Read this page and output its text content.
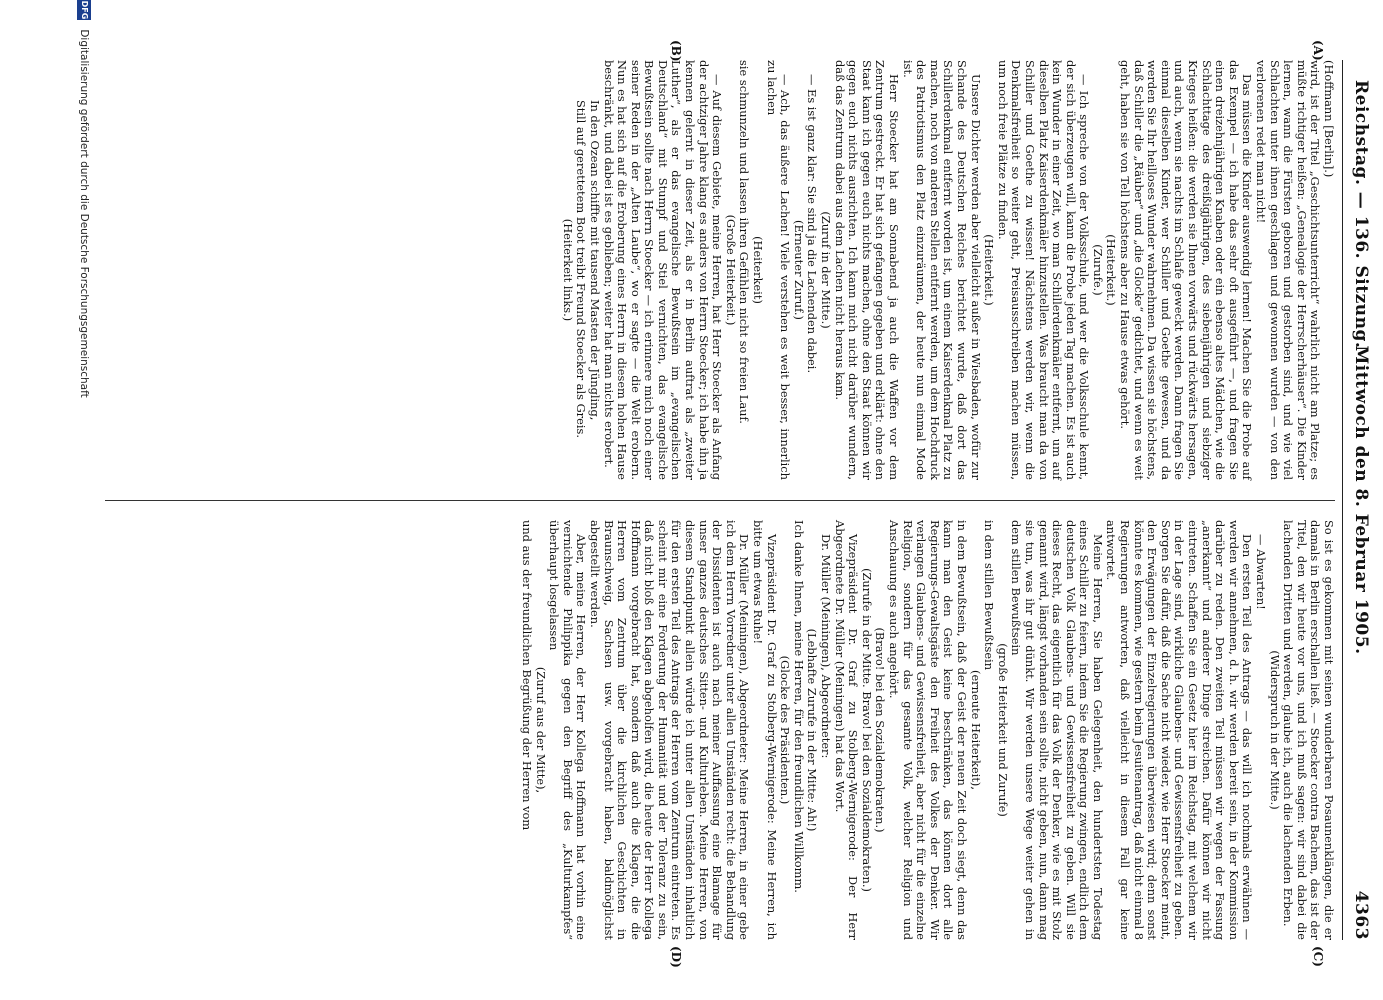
Reichstag. — 136. Sitzung.
Mittwoch den 8. Februar 1905.
4363
(A)
(B)
(C)
(D)

(Hoffmann [Berlin].)

wird, ist der Titel „Geschichtsunterricht“ wahrlich nicht am Platze; es müßte richtiger heißen: „Genealogie der Herrscherhäuser“. Die Kinder lernen, wann die Fürsten geboren und gestorben sind, und wie viel Schlachten unter ihnen geschlagen und gewonnen wurden — von den verlorenen redet man nicht!

Das müssen die Kinder auswendig lernen! Machen Sie die Probe auf das Exempel — ich habe das sehr oft ausgeführt —, und fragen Sie einen dreizehnjährigen Knaben oder ein ebenso altes Mädchen, wie die Schlachttage des dreißigjährigen, des siebenjährigen und siebziger Krieges heißen: die werden sie Ihnen vorwärts und rückwärts hersagen, und auch, wenn sie nachts im Schlafe geweckt werden. Dann fragen Sie einmal dieselben Kinder, wer Schiller und Goethe gewesen, und da werden Sie Ihr heilloses Wunder wahrnehmen. Da wissen sie höchstens, daß Schiller die „Räuber“ und „die Glocke“ gedichtet, und wenn es weit geht, haben sie von Tell höchstens aber zu Hause etwas gehört.

(Heiterkeit.)

(Zurufe.)

— Ich spreche von der Volksschule, und wer die Volksschule kennt, der sich überzeugen will, kann die Probe jeden Tag machen. Es ist auch kein Wunder in einer Zeit, wo man Schillerdenkmäler entfernt, um auf dieselben Platz Kaiserdenkmäler hinzustellen. Was braucht man da von Schiller und Goethe zu wissen! Nächstens werden wir, wenn die Denkmalsfreiheit so weiter geht, Preisausschreiben machen müssen, um noch freie Plätze zu finden.

(Heiterkeit.)

Unsere Dichter werden aber vielleicht außer in Wiesbaden, wofür zur Schande des Deutschen Reiches berichtet wurde, daß dort das Schillerdenkmal entfernt worden ist, um einem Kaiserdenkmal Platz zu machen, noch von anderen Stellen entfernt werden, um dem Hochdruck des Patriotismus den Platz einzuräumen, der heute nun einmal Mode ist.

Herr Stoecker hat am Sonnabend ja auch die Waffen vor dem Zentrum gestreckt. Er hat sich gefangen gegeben und erklärt: ohne den Staat kann ich gegen euch nichts machen, ohne den Staat können wir gegen euch nichts ausrichten. Ich kann mich nicht darüber wundern, daß das Zentrum dabei aus dem Lachen nicht heraus kam.

(Zuruf in der Mitte.)

— Es ist ganz klar: Sie sind ja die Lachenden dabei.

(Erneuter Zuruf.)

— Ach, das äußere Lachen! Viele verstehen es weit besser, innerlich zu lachen

(Heiterkeit)

sie schmunzeln und lassen ihren Gefühlen nicht so freien Lauf.

(Große Heiterkeit.)

— Auf diesem Gebiete, meine Herren, hat Herr Stoecker als Anfang der achtziger Jahre klang es anders von Herrn Stoecker; ich habe ihn ja kennen gelernt in dieser Zeit, als er in Berlin auftrat als „zweiter Luther“, als er das evangelische Bewußtsein im „evangelischen Deutschland“ mit Stumpf und Stiel vernichten, das evangelische Bewußtsein sollte nach Herrn Stoecker — ich erinnere mich noch einer seiner Reden in der „Alten Laube“, wo er sagte — die Welt erobern. Nun es hat sich auf die Eroberung eines Herrn in diesem hohen Hause beschränkt, und dabei ist es geblieben; weiter hat man nichts erobert.

In den Ozean schiffte mit tausend Masten der Jüngling,

Still auf gerettetem Boot treibt Freund Stoecker als Greis.

(Heiterkeit links.)

So ist es gekommen mit seinen wunderbaren Posaunenklängen, die er damals in Berlin erschallen ließ. — Stoecker contra Bachem, das ist der Titel, den wir heute vor uns, und ich muß sagen: wir sind dabei die lachenden Dritten und werden, glaube ich, auch die lachenden Erben.

(Widerspruch in der Mitte.)

— Abwarten!

Den ersten Teil des Antrags — das will ich nochmals erwähnen — werden wir annehmen, d. h. wir werden bereit sein, in der Kommission darüber zu reden. Den zweiten Teil müssen wir wegen der Fassung „anerkannt“ und anderer Dinge streichen. Dafür können wir nicht eintreten. Schaffen Sie ein Gesetz hier im Reichstag, mit welchem wir in der Lage sind, wirkliche Glaubens- und Gewissensfreiheit zu geben. Sorgen Sie dafür, daß die Sache nicht wieder, wie Herr Stoecker meint, den Erwägungen der Einzelregierungen überwiesen wird; denn sonst könnte es kommen, wie gestern beim Jesuitenantrag, daß nicht einmal 8 Regierungen antworten, daß vielleicht in diesem Fall gar keine antwortet.

Meine Herren, Sie haben Gelegenheit, den hundertsten Todestag eines Schiller zu feiern, indem Sie die Regierung zwingen, endlich dem deutschen Volk Glaubens- und Gewissensfreiheit zu geben. Will sie dieses Recht, das eigentlich für das Volk der Denker, wie es mit Stolz genannt wird, längst vorhanden sein sollte, nicht geben, nun, dann mag sie tun, was ihr gut dünkt. Wir werden unsere Wege weiter gehen in dem stillen Bewußtsein

(große Heiterkeit und Zurufe)

in dem stillen Bewußtsein

(erneute Heiterkeit),

in dem Bewußtsein, daß der Geist der neuen Zeit doch siegt, denn das kann man den Geist keine beschränken, das können dort alle Regierungs-Gewaltsgäste den Freiheit des Volkes der Denker. Wir verlangen Glaubens- und Gewissensfreiheit, aber nicht für die einzelne Religion, sondern für das gesamte Volk, welcher Religion und Anschauung es auch angehört.

(Bravo! bei den Sozialdemokraten.)

(Zurufe in der Mitte. Bravo! bei den Sozialdemokraten.)

Vizepräsident Dr. Graf zu Stolberg-Wernigerode: Der Herr Abgeordnete Dr. Müller (Meiningen) hat das Wort.

Dr. Müller (Meiningen), Abgeordneter:

(Lebhafte Zurufe in der Mitte: Ah!)

Ich danke Ihnen, meine Herren, für den freundlichen Willkomm.

(Glocke des Präsidenten.)

Vizepräsident Dr. Graf zu Stolberg-Wernigerode: Meine Herren, ich bitte um etwas Ruhe!

Dr. Müller (Meiningen), Abgeordneter: Meine Herren, in einer gebe ich dem Herrn Vorredner unter allen Umständen recht: die Behandlung der Dissidenten ist auch nach meiner Auffassung eine Blamage für unser ganzes deutsches Sitten- und Kulturleben. Meine Herren, von diesem Standpunkt allein würde ich unter allen Umständen inhaltlich für den ersten Teil des Antrags der Herren vom Zentrum eintreten. Es scheint mir eine Forderung der Humanität und der Toleranz zu sein, daß nicht bloß den Klagen abgeholfen wird, die heute der Herr Kollega Hoffmann vorgebracht hat, sondern daß auch die Klagen, die die Herren vom Zentrum über die kirchlichen Geschichten in Braunschweig, Sachsen usw. vorgebracht haben, baldmöglichst abgestellt werden.

Aber, meine Herren, der Herr Kollega Hoffmann hat vorhin eine vernichtende Philippika gegen den Begriff des „Kulturkampfes“ überhaupt losgelassen

(Zuruf aus der Mitte),

und aus der freundlichen Begrüßung der Herren vom

DFG Digitalisierung gefördert durch die Deutsche Forschungsgemeinschaft
